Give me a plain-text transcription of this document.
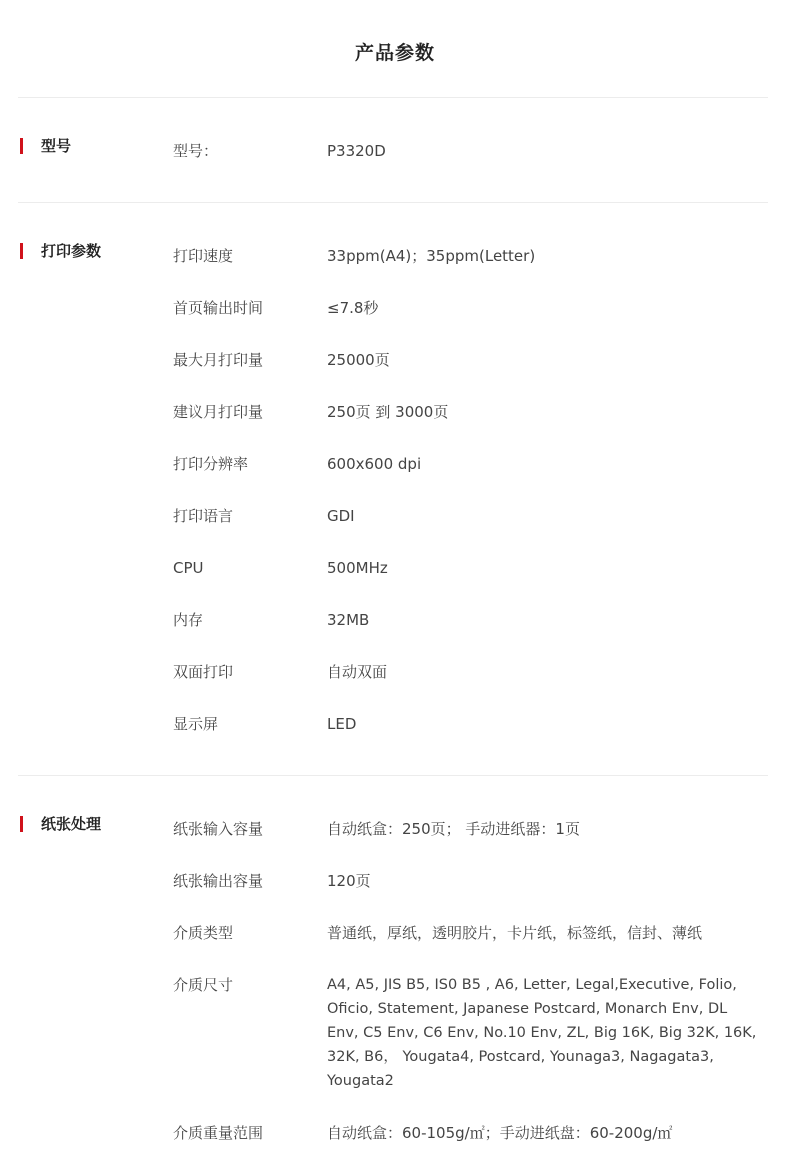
产品参数
型号	型号：	P3320D
打印参数	打印速度	33ppm(A4)；35ppm(Letter)
首页输出时间	≤7.8秒
最大月打印量	25000页
建议月打印量	250页 到 3000页
打印分辨率	600x600 dpi
打印语言	GDI
CPU	500MHz
内存	32MB
双面打印	自动双面
显示屏	LED
纸张处理	纸张输入容量	自动纸盒：250页； 手动进纸器：1页
纸张输出容量	120页
介质类型	普通纸，厚纸，透明胶片，卡片纸，标签纸，信封、薄纸
介质尺寸	A4, A5, JIS B5, IS0 B5 , A6, Letter, Legal,Executive, Folio, Oficio, Statement, Japanese Postcard, Monarch Env, DL Env, C5 Env, C6 Env, No.10 Env, ZL, Big 16K, Big 32K, 16K, 32K, B6， Yougata4, Postcard, Younaga3, Nagagata3, Yougata2
介质重量范围	自动纸盒：60-105g/㎡；手动进纸盘：60-200g/㎡
